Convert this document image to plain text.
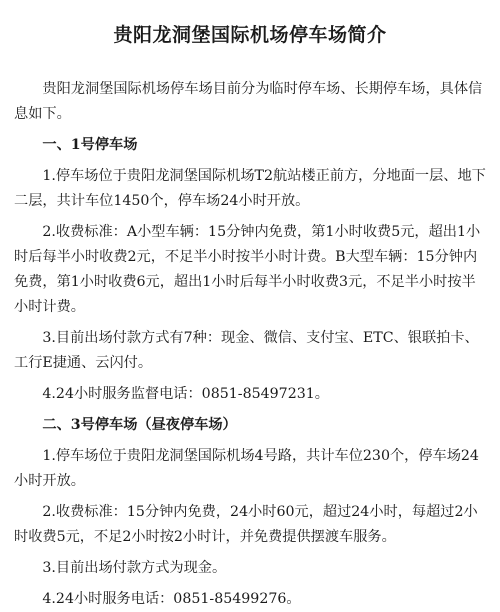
贵阳龙洞堡国际机场停车场简介

贵阳龙洞堡国际机场停车场目前分为临时停车场、长期停车场，具体信息如下。

一、1号停车场

1.停车场位于贵阳龙洞堡国际机场T2航站楼正前方，分地面一层、地下二层，共计车位1450个，停车场24小时开放。

2.收费标准：A小型车辆：15分钟内免费，第1小时收费5元，超出1小时后每半小时收费2元，不足半小时按半小时计费。B大型车辆：15分钟内免费，第1小时收费6元，超出1小时后每半小时收费3元，不足半小时按半小时计费。

3.目前出场付款方式有7种：现金、微信、支付宝、ETC、银联拍卡、工行E捷通、云闪付。

4.24小时服务监督电话：0851-85497231。

二、3号停车场（昼夜停车场）

1.停车场位于贵阳龙洞堡国际机场4号路，共计车位230个，停车场24小时开放。

2.收费标准：15分钟内免费，24小时60元，超过24小时，每超过2小时收费5元，不足2小时按2小时计，并免费提供摆渡车服务。

3.目前出场付款方式为现金。

4.24小时服务电话：0851-85499276。
